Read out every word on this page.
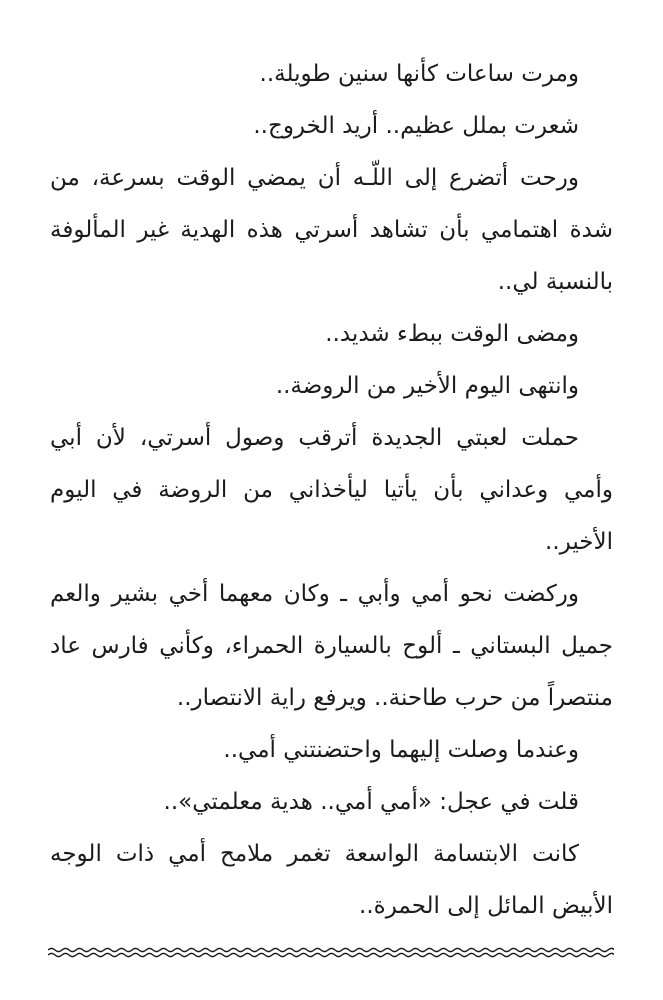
ومرت ساعات كأنها سنين طويلة..

شعرت بملل عظيم.. أريد الخروج..

ورحت أتضرع إلى اللّـه أن يمضي الوقت بسرعة، من شدة اهتمامي بأن تشاهد أسرتي هذه الهدية غير المألوفة بالنسبة لي..

ومضى الوقت ببطء شديد..

وانتهى اليوم الأخير من الروضة..

حملت لعبتي الجديدة أترقب وصول أسرتي، لأن أبي وأمي وعداني بأن يأتيا ليأخذاني من الروضة في اليوم الأخير..

وركضت نحو أمي وأبي ـ وكان معهما أخي بشير والعم جميل البستاني ـ ألوح بالسيارة الحمراء، وكأني فارس عاد منتصراً من حرب طاحنة.. ويرفع راية الانتصار..

وعندما وصلت إليهما واحتضنتني أمي..

قلت في عجل: «أمي أمي.. هدية معلمتي»..

كانت الابتسامة الواسعة تغمر ملامح أمي ذات الوجه الأبيض المائل إلى الحمرة..
